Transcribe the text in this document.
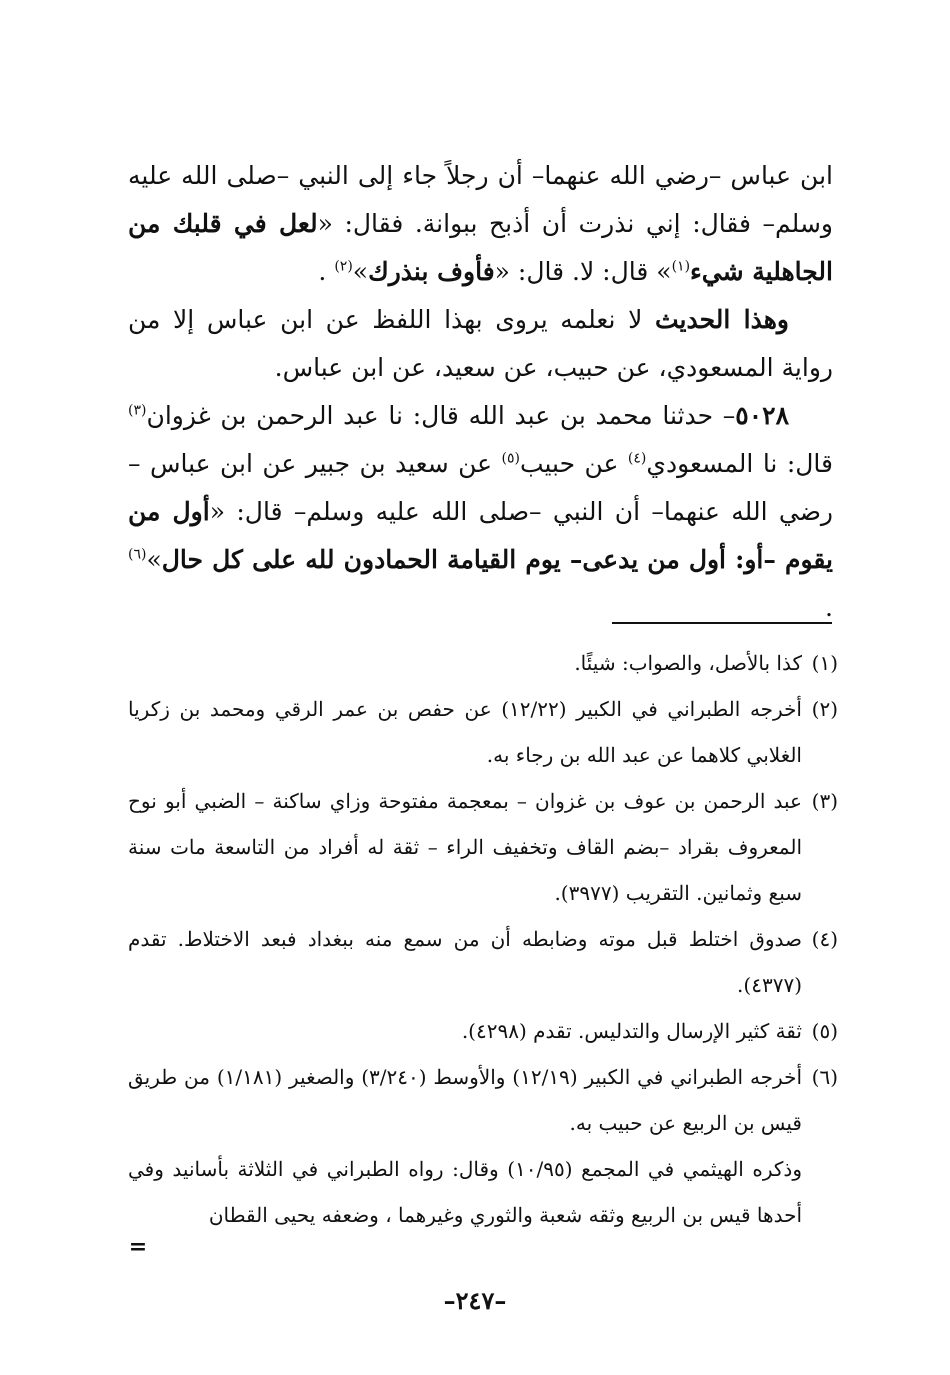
ابن عباس –رضي الله عنهما– أن رجلاً جاء إلى النبي –صلى الله عليه وسلم– فقال: إني نذرت أن أذبح ببوانة. فقال: «لعل في قلبك من الجاهلية شيء$^{(١)}$» قال: لا. قال: «فأوف بنذرك»$^{(٢)}$ .

وهذا الحديث لا نعلمه يروى بهذا اللفظ عن ابن عباس إلا من رواية المسعودي، عن حبيب، عن سعيد، عن ابن عباس.

٥٠٢٨– حدثنا محمد بن عبد الله قال: نا عبد الرحمن بن غزوان$^{(٣)}$ قال: نا المسعودي$^{(٤)}$ عن حبيب$^{(٥)}$ عن سعيد بن جبير عن ابن عباس –رضي الله عنهما– أن النبي –صلى الله عليه وسلم– قال: «أول من يقوم –أو: أول من يدعى– يوم القيامة الحمادون لله على كل حال»$^{(٦)}$ .

(١)
كذا بالأصل، والصواب: شيئًا.

(٢)
أخرجه الطبراني في الكبير (١٢/٢٢) عن حفص بن عمر الرقي ومحمد بن زكريا الغلابي كلاهما عن عبد الله بن رجاء به.

(٣)
عبد الرحمن بن عوف بن غزوان – بمعجمة مفتوحة وزاي ساكنة – الضبي أبو نوح المعروف بقراد –بضم القاف وتخفيف الراء – ثقة له أفراد من التاسعة مات سنة سبع وثمانين. التقريب (٣٩٧٧).

(٤)
صدوق اختلط قبل موته وضابطه أن من سمع منه ببغداد فبعد الاختلاط. تقدم (٤٣٧٧).

(٥)
ثقة كثير الإرسال والتدليس. تقدم (٤٢٩٨).

(٦)
أخرجه الطبراني في الكبير (١٢/١٩) والأوسط (٣/٢٤٠) والصغير (١/١٨١) من طريق قيس بن الربيع عن حبيب به.

وذكره الهيثمي في المجمع (١٠/٩٥) وقال: رواه الطبراني في الثلاثة بأسانيد وفي أحدها قيس بن الربيع وثقه شعبة والثوري وغيرهما ، وضعفه يحيى القطان

=
–٢٤٧–
